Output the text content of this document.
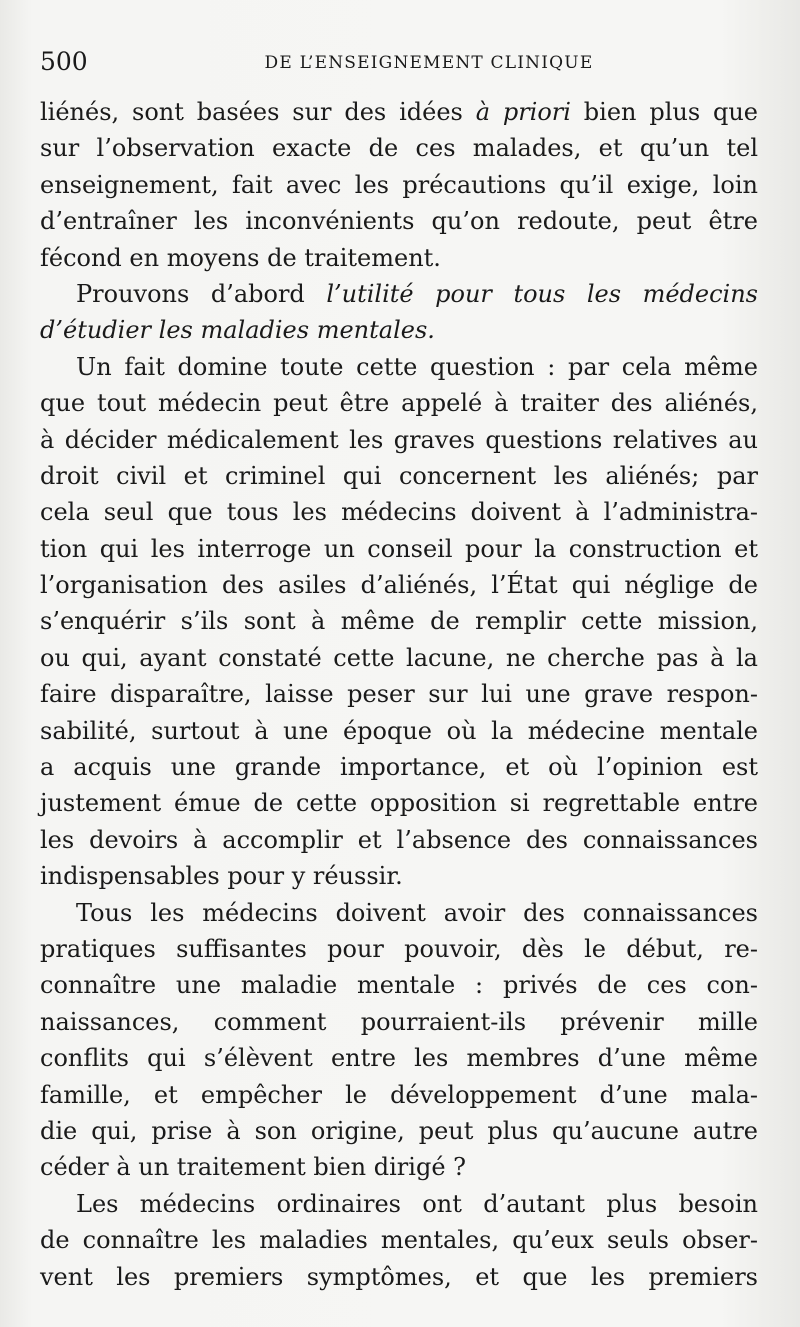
500	DE L’ENSEIGNEMENT CLINIQUE
liénés, sont basées sur des idées à priori bien plus que
sur l’observation exacte de ces malades, et qu’un tel
enseignement, fait avec les précautions qu’il exige, loin
d’entraîner les inconvénients qu’on redoute, peut être
fécond en moyens de traitement.
Prouvons d’abord l’utilité pour tous les médecins
d’étudier les maladies mentales.
Un fait domine toute cette question : par cela même
que tout médecin peut être appelé à traiter des aliénés,
à décider médicalement les graves questions relatives au
droit civil et criminel qui concernent les aliénés; par
cela seul que tous les médecins doivent à l’administra-
tion qui les interroge un conseil pour la construction et
l’organisation des asiles d’aliénés, l’État qui néglige de
s’enquérir s’ils sont à même de remplir cette mission,
ou qui, ayant constaté cette lacune, ne cherche pas à la
faire disparaître, laisse peser sur lui une grave respon-
sabilité, surtout à une époque où la médecine mentale
a acquis une grande importance, et où l’opinion est
justement émue de cette opposition si regrettable entre
les devoirs à accomplir et l’absence des connaissances
indispensables pour y réussir.
Tous les médecins doivent avoir des connaissances
pratiques suffisantes pour pouvoir, dès le début, re-
connaître une maladie mentale : privés de ces con-
naissances, comment pourraient-ils prévenir mille
conflits qui s’élèvent entre les membres d’une même
famille, et empêcher le développement d’une mala-
die qui, prise à son origine, peut plus qu’aucune autre
céder à un traitement bien dirigé ?
Les médecins ordinaires ont d’autant plus besoin
de connaître les maladies mentales, qu’eux seuls obser-
vent les premiers symptômes, et que les premiers
